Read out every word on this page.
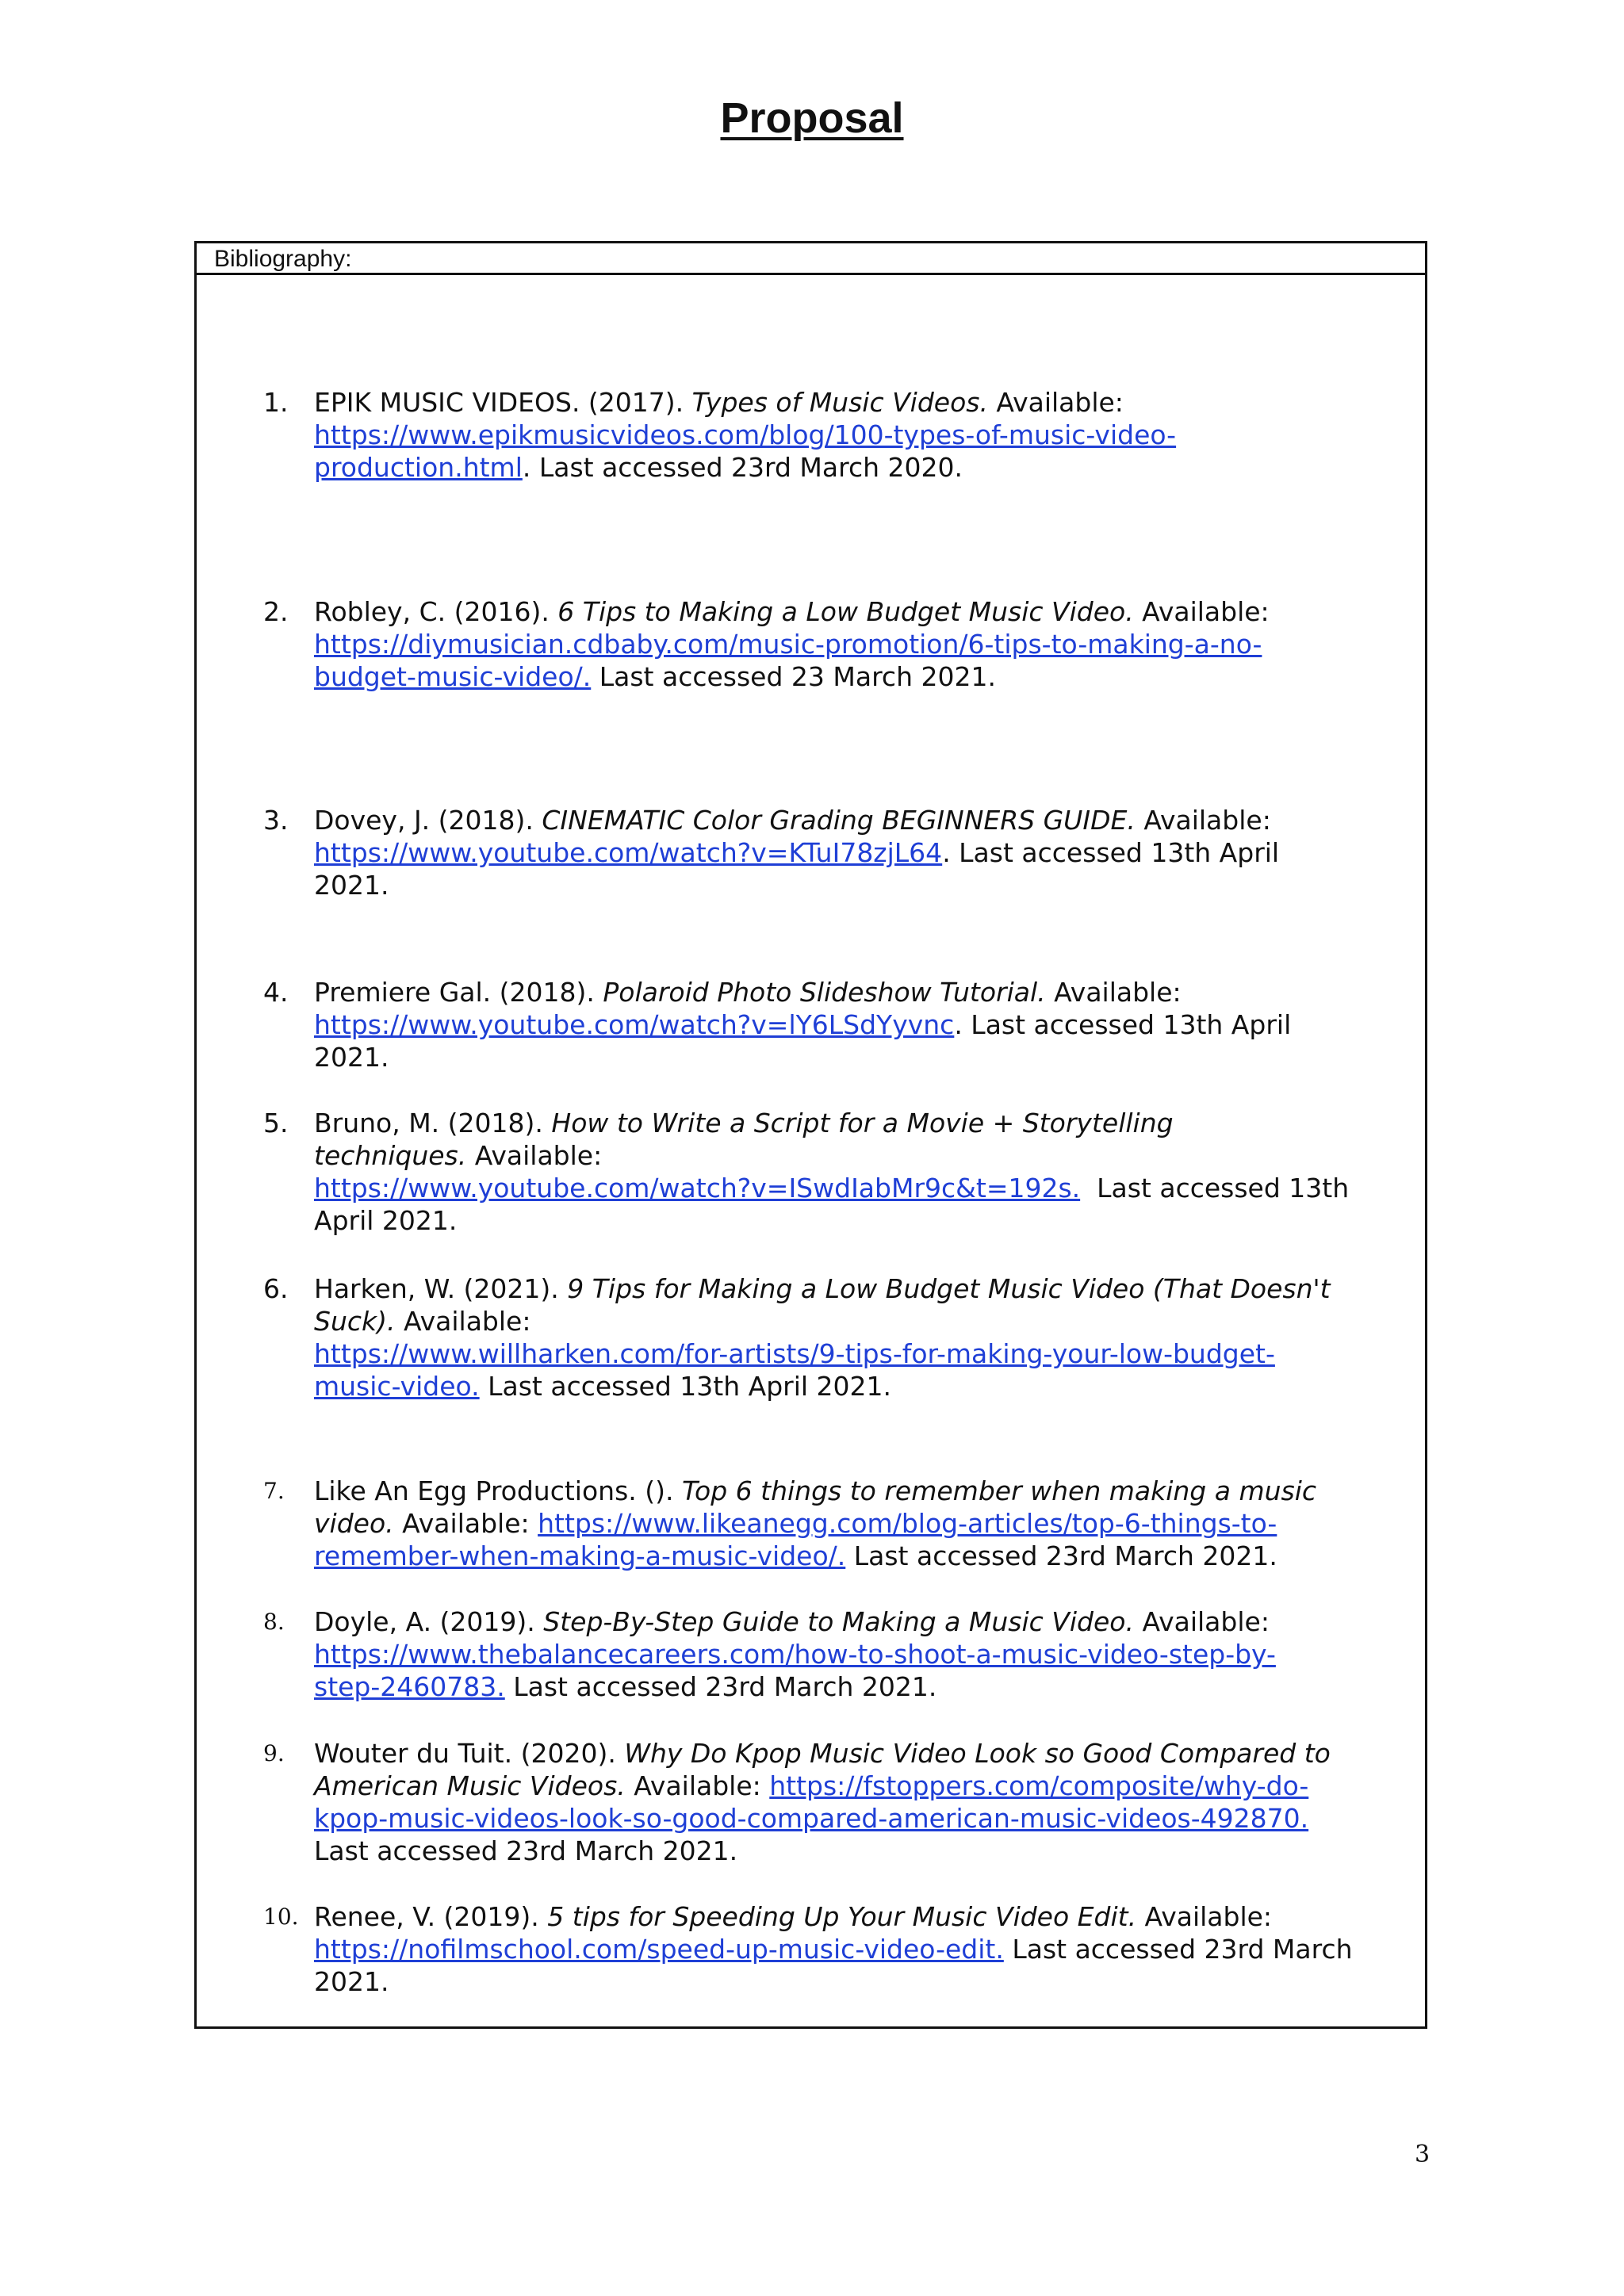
Proposal
Bibliography:
1. EPIK MUSIC VIDEOS. (2017). Types of Music Videos. Available:
https://www.epikmusicvideos.com/blog/100-types-of-music-video-
production.html. Last accessed 23rd March 2020.
2. Robley, C. (2016). 6 Tips to Making a Low Budget Music Video. Available:
https://diymusician.cdbaby.com/music-promotion/6-tips-to-making-a-no-
budget-music-video/. Last accessed 23 March 2021.
3. Dovey, J. (2018). CINEMATIC Color Grading BEGINNERS GUIDE. Available:
https://www.youtube.com/watch?v=KTuI78zjL64. Last accessed 13th April
2021.
4. Premiere Gal. (2018). Polaroid Photo Slideshow Tutorial. Available:
https://www.youtube.com/watch?v=lY6LSdYyvnc. Last accessed 13th April
2021.
5. Bruno, M. (2018). How to Write a Script for a Movie + Storytelling
techniques. Available:
https://www.youtube.com/watch?v=ISwdIabMr9c&t=192s.  Last accessed 13th
April 2021.
6. Harken, W. (2021). 9 Tips for Making a Low Budget Music Video (That Doesn't
Suck). Available:
https://www.willharken.com/for-artists/9-tips-for-making-your-low-budget-
music-video. Last accessed 13th April 2021.
7.	Like An Egg Productions. (). Top 6 things to remember when making a music
video. Available: https://www.likeanegg.com/blog-articles/top-6-things-to-
remember-when-making-a-music-video/. Last accessed 23rd March 2021.
8.	Doyle, A. (2019). Step-By-Step Guide to Making a Music Video. Available:
https://www.thebalancecareers.com/how-to-shoot-a-music-video-step-by-
step-2460783. Last accessed 23rd March 2021.
9.	Wouter du Tuit. (2020). Why Do Kpop Music Video Look so Good Compared to
American Music Videos. Available: https://fstoppers.com/composite/why-do-
kpop-music-videos-look-so-good-compared-american-music-videos-492870.
Last accessed 23rd March 2021.
10. Renee, V. (2019). 5 tips for Speeding Up Your Music Video Edit. Available:
https://nofilmschool.com/speed-up-music-video-edit. Last accessed 23rd March
2021.
3
